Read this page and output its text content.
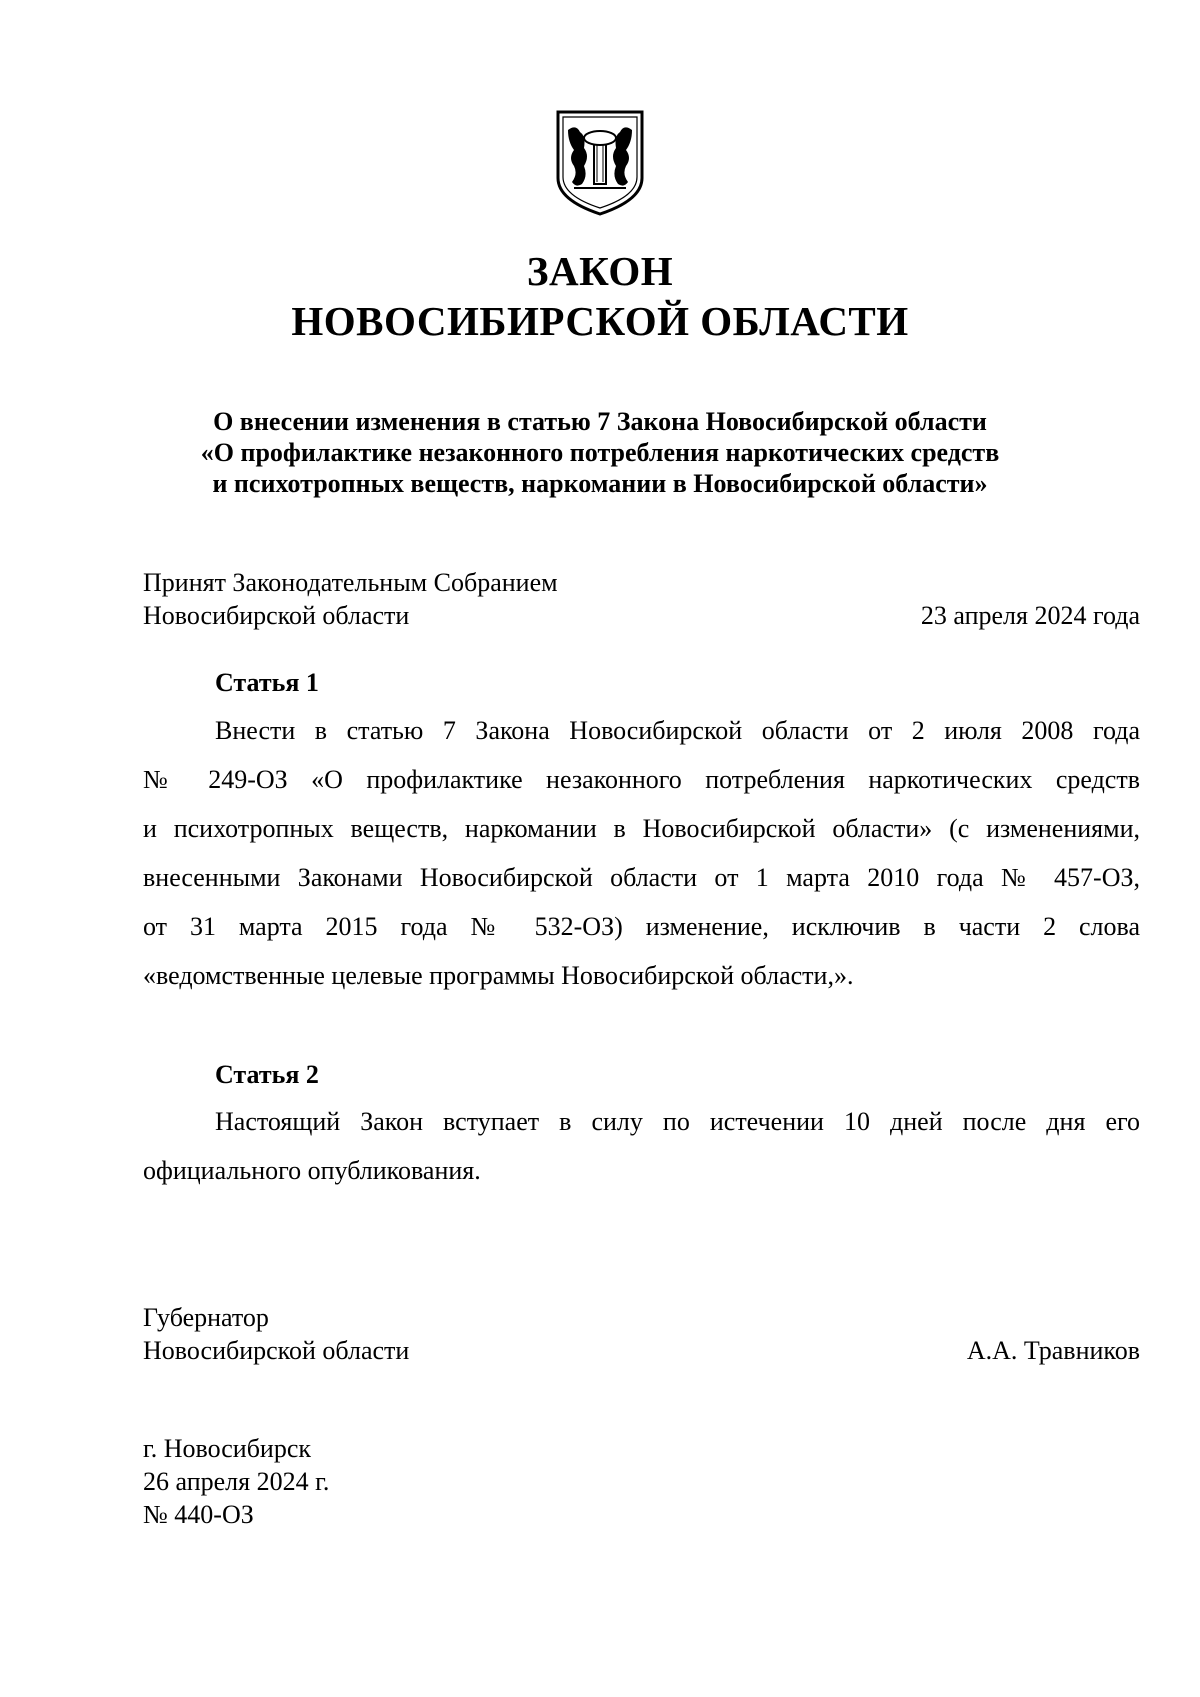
ЗАКОН
НОВОСИБИРСКОЙ ОБЛАСТИ
О внесении изменения в статью 7 Закона Новосибирской области
«О профилактике незаконного потребления наркотических средств
и психотропных веществ, наркомании в Новосибирской области»
Принят Законодательным Собранием
Новосибирской области	23 апреля 2024 года
Статья 1
Внести в статью 7 Закона Новосибирской области от 2 июля 2008 года
№ 249-ОЗ «О профилактике незаконного потребления наркотических средств
и психотропных веществ, наркомании в Новосибирской области» (с изменениями,
внесенными Законами Новосибирской области от 1 марта 2010 года № 457-ОЗ,
от 31 марта 2015 года № 532-ОЗ) изменение, исключив в части 2 слова
«ведомственные целевые программы Новосибирской области,».
Статья 2
Настоящий Закон вступает в силу по истечении 10 дней после дня его
официального опубликования.
Губернатор
Новосибирской области	А.А. Травников
г. Новосибирск
26 апреля 2024 г.
№ 440-ОЗ
